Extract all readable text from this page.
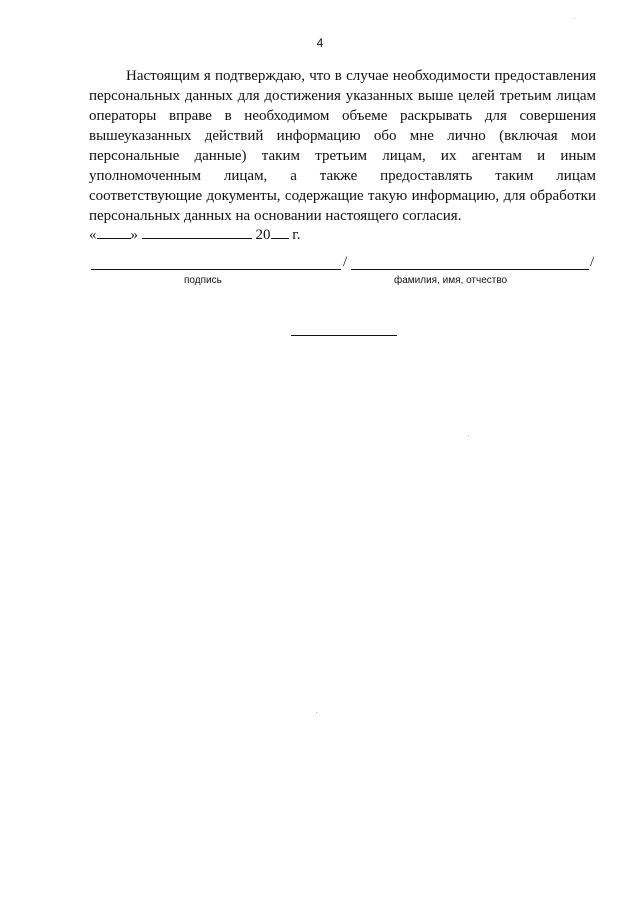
4

Настоящим я подтверждаю, что в случае необходимости предоставления персональных данных для достижения указанных выше целей третьим лицам операторы вправе в необходимом объеме раскрывать для совершения вышеуказанных действий информацию обо мне лично (включая мои персональные данные) таким третьим лицам, их агентам и иным уполномоченным лицам, а также предоставлять таким лицам соответствующие документы, содержащие такую информацию, для обработки персональных данных на основании настоящего согласия.

« »	20 г.
/	/
подпись	фамилия, имя, отчество
